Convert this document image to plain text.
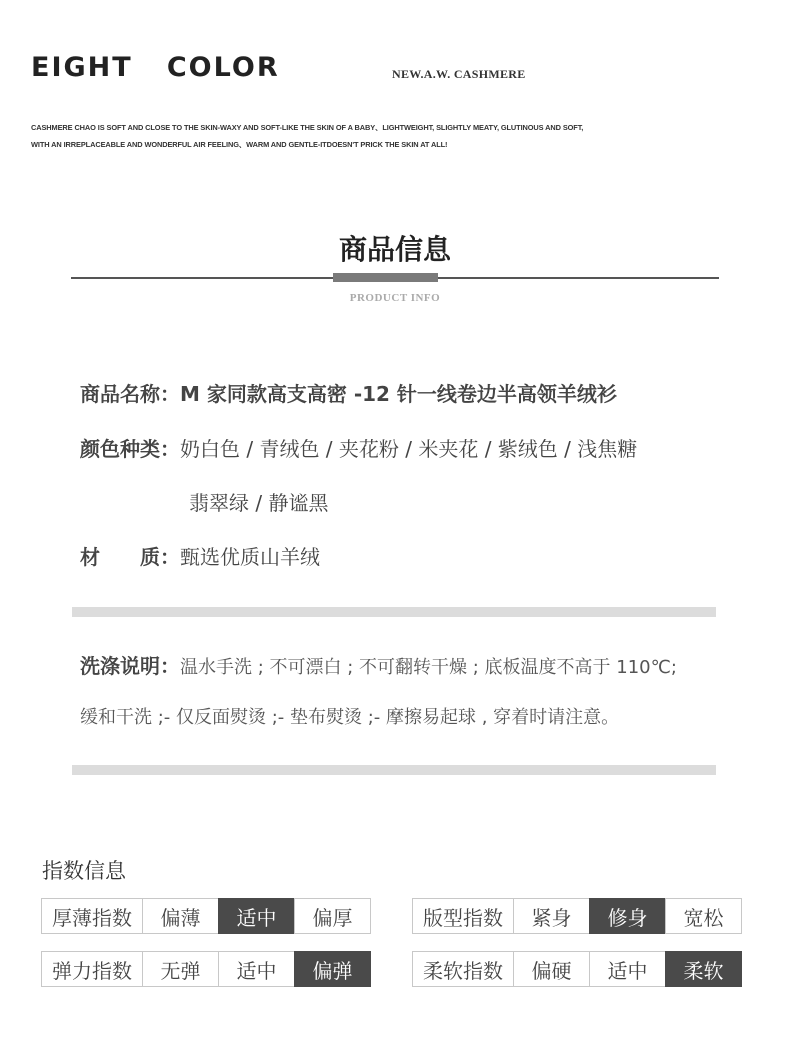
EIGHT   COLOR	NEW.A.W. CASHMERE
CASHMERE CHAO IS SOFT AND CLOSE TO THE SKIN-WAXY AND SOFT-LIKE THE SKIN OF A BABY、LIGHTWEIGHT, SLIGHTLY MEATY, GLUTINOUS AND SOFT,
WITH AN IRREPLACEABLE AND WONDERFUL AIR FEELING、WARM AND GENTLE-ITDOESN'T PRICK THE SKIN AT ALL!
商品信息
PRODUCT INFO
商品名称：M 家同款高支高密 -12 针一线卷边半高领羊绒衫
颜色种类：奶白色 / 青绒色 / 夹花粉 / 米夹花 / 紫绒色 / 浅焦糖
翡翠绿 / 静谧黑
材　　质：甄选优质山羊绒
洗涤说明：温水手洗 ; 不可漂白 ; 不可翻转干燥 ; 底板温度不高于 110℃;
缓和干洗 ;- 仅反面熨烫 ;- 垫布熨烫 ;- 摩擦易起球 , 穿着时请注意。
指数信息
厚薄指数	偏薄	适中	偏厚	版型指数	紧身	修身	宽松
弹力指数	无弹	适中	偏弹	柔软指数	偏硬	适中	柔软
